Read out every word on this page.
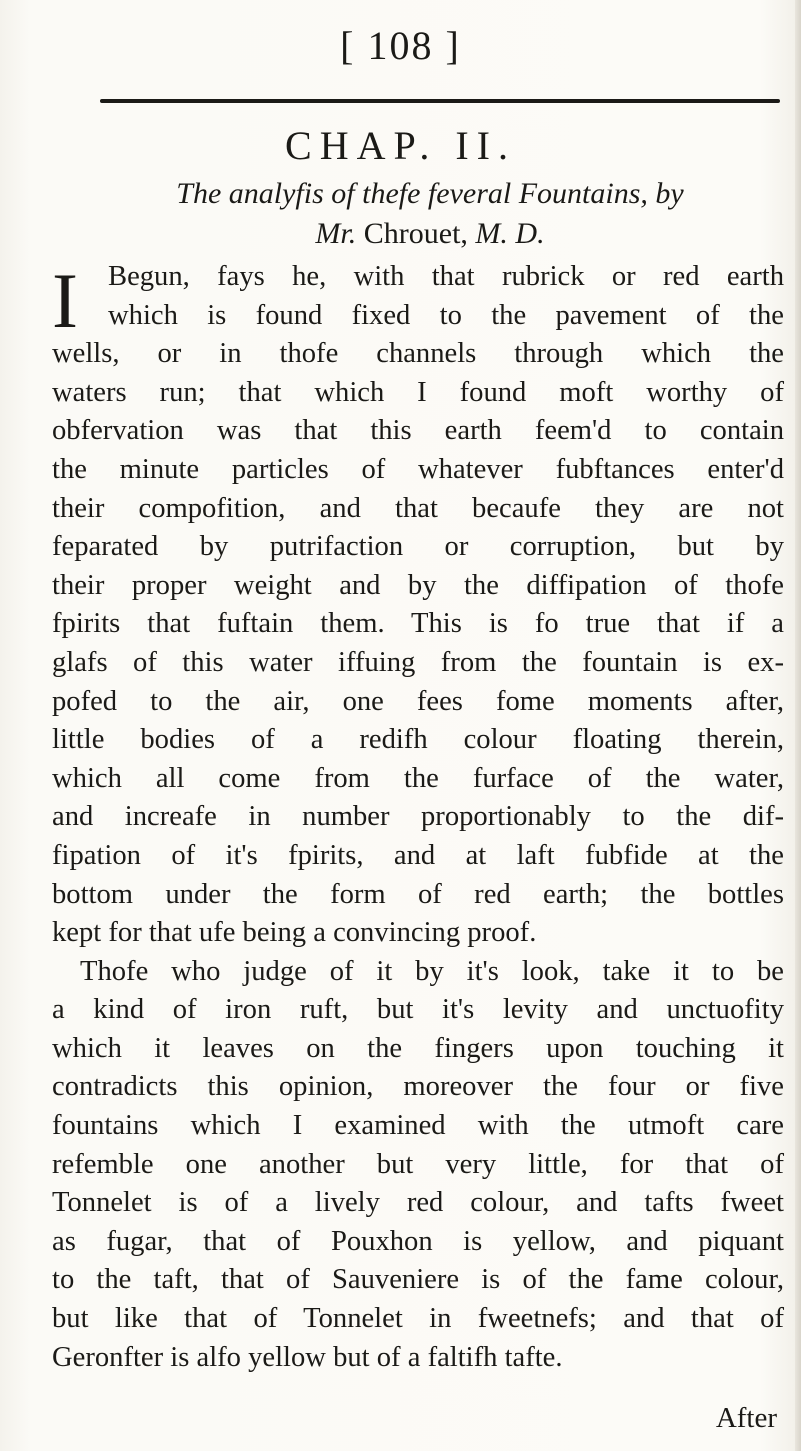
[ 108 ]
CHAP. II.
The analyfis of thefe feveral Fountains, by
Mr. Chrouet, M. D.
I	Begun, fays he, with that rubrick or red earth
which is found fixed to the pavement of the
wells, or in thofe channels through which the
waters run; that which I found moft worthy of
obfervation was that this earth feem'd to contain
the minute particles of whatever fubftances enter'd
their compofition, and that becaufe they are not
feparated by putrifaction or corruption, but by
their proper weight and by the diffipation of thofe
fpirits that fuftain them. This is fo true that if a
glafs of this water iffuing from the fountain is ex-
pofed to the air, one fees fome moments after,
little bodies of a redifh colour floating therein,
which all come from the furface of the water,
and increafe in number proportionably to the dif-
fipation of it's fpirits, and at laft fubfide at the
bottom under the form of red earth; the bottles
kept for that ufe being a convincing proof.
Thofe who judge of it by it's look, take it to be
a kind of iron ruft, but it's levity and unctuofity
which it leaves on the fingers upon touching it
contradicts this opinion, moreover the four or five
fountains which I examined with the utmoft care
refemble one another but very little, for that of
Tonnelet is of a lively red colour, and tafts fweet
as fugar, that of Pouxhon is yellow, and piquant
to the taft, that of Sauveniere is of the fame colour,
but like that of Tonnelet in fweetnefs; and that of
Geronfter is alfo yellow but of a faltifh tafte.
After
